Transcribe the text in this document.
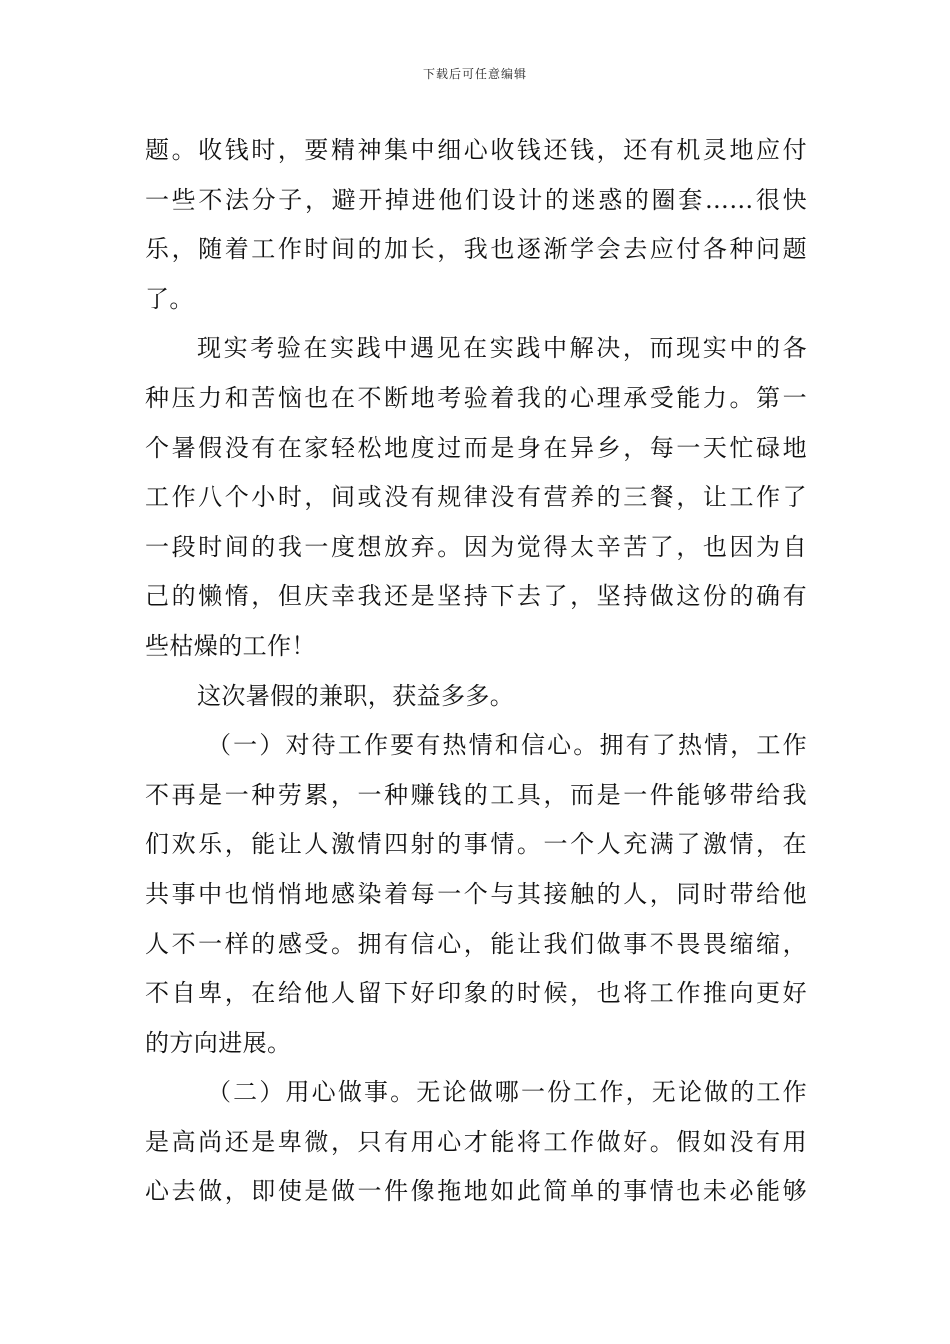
下载后可任意编辑
题。收钱时，要精神集中细心收钱还钱，还有机灵地应付
一些不法分子，避开掉进他们设计的迷惑的圈套……很快
乐，随着工作时间的加长，我也逐渐学会去应付各种问题
了。
现实考验在实践中遇见在实践中解决，而现实中的各
种压力和苦恼也在不断地考验着我的心理承受能力。第一
个暑假没有在家轻松地度过而是身在异乡，每一天忙碌地
工作八个小时，间或没有规律没有营养的三餐，让工作了
一段时间的我一度想放弃。因为觉得太辛苦了，也因为自
己的懒惰，但庆幸我还是坚持下去了，坚持做这份的确有
些枯燥的工作！
这次暑假的兼职，获益多多。
（一）对待工作要有热情和信心。拥有了热情，工作
不再是一种劳累，一种赚钱的工具，而是一件能够带给我
们欢乐，能让人激情四射的事情。一个人充满了激情，在
共事中也悄悄地感染着每一个与其接触的人，同时带给他
人不一样的感受。拥有信心，能让我们做事不畏畏缩缩，
不自卑，在给他人留下好印象的时候，也将工作推向更好
的方向进展。
（二）用心做事。无论做哪一份工作，无论做的工作
是高尚还是卑微，只有用心才能将工作做好。假如没有用
心去做，即使是做一件像拖地如此简单的事情也未必能够
